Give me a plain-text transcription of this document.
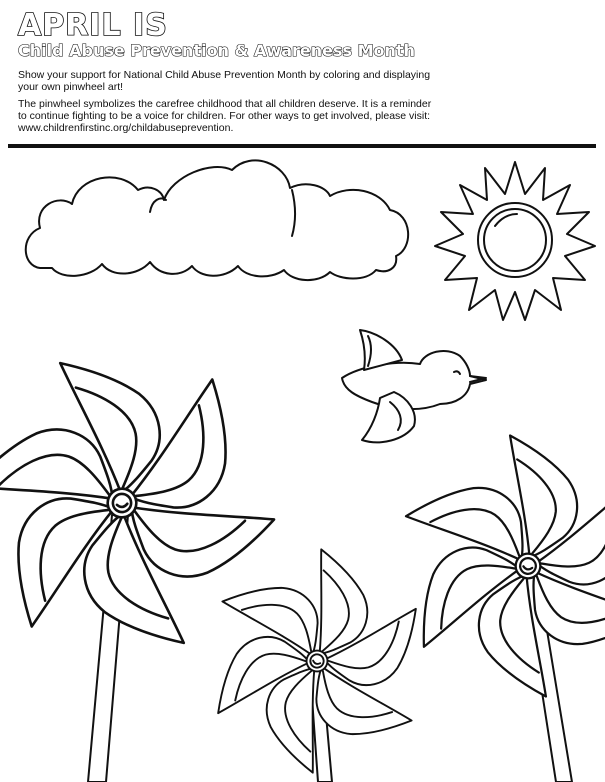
APRIL IS
Child Abuse Prevention & Awareness Month

Show your support for National Child Abuse Prevention Month by coloring and displaying your own pinwheel art!

The pinwheel symbolizes the carefree childhood that all children deserve. It is a reminder to continue fighting to be a voice for children. For other ways to get involved, please visit: www.childrenfirstinc.org/childabuseprevention.
